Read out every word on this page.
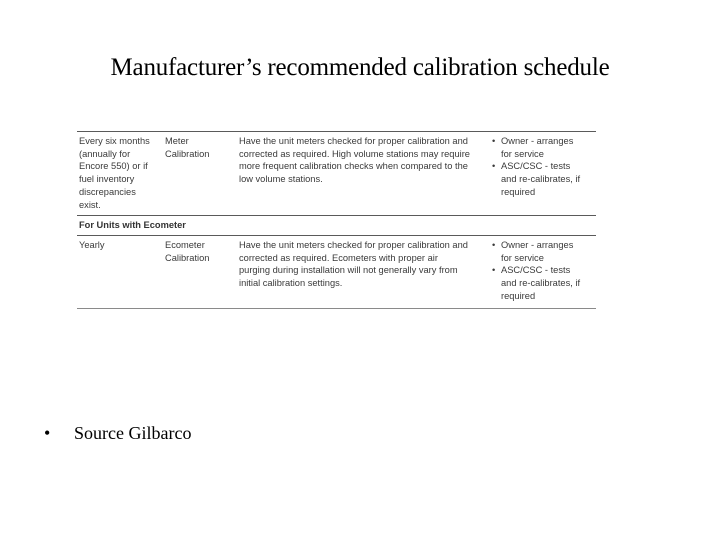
Manufacturer’s recommended calibration schedule
Every six months
(annually for
Encore 550) or if
fuel inventory
discrepancies
exist.
Meter
Calibration
Have the unit meters checked for proper calibration and
corrected as required. High volume stations may require
more frequent calibration checks when compared to the
low volume stations.
• Owner - arranges
for service
• ASC/CSC - tests
and re-calibrates, if
required
For Units with Ecometer
Yearly	Ecometer
Calibration
Have the unit meters checked for proper calibration and
corrected as required. Ecometers with proper air
purging during installation will not generally vary from
initial calibration settings.
• Owner - arranges
for service
• ASC/CSC - tests
and re-calibrates, if
required
• Source Gilbarco
